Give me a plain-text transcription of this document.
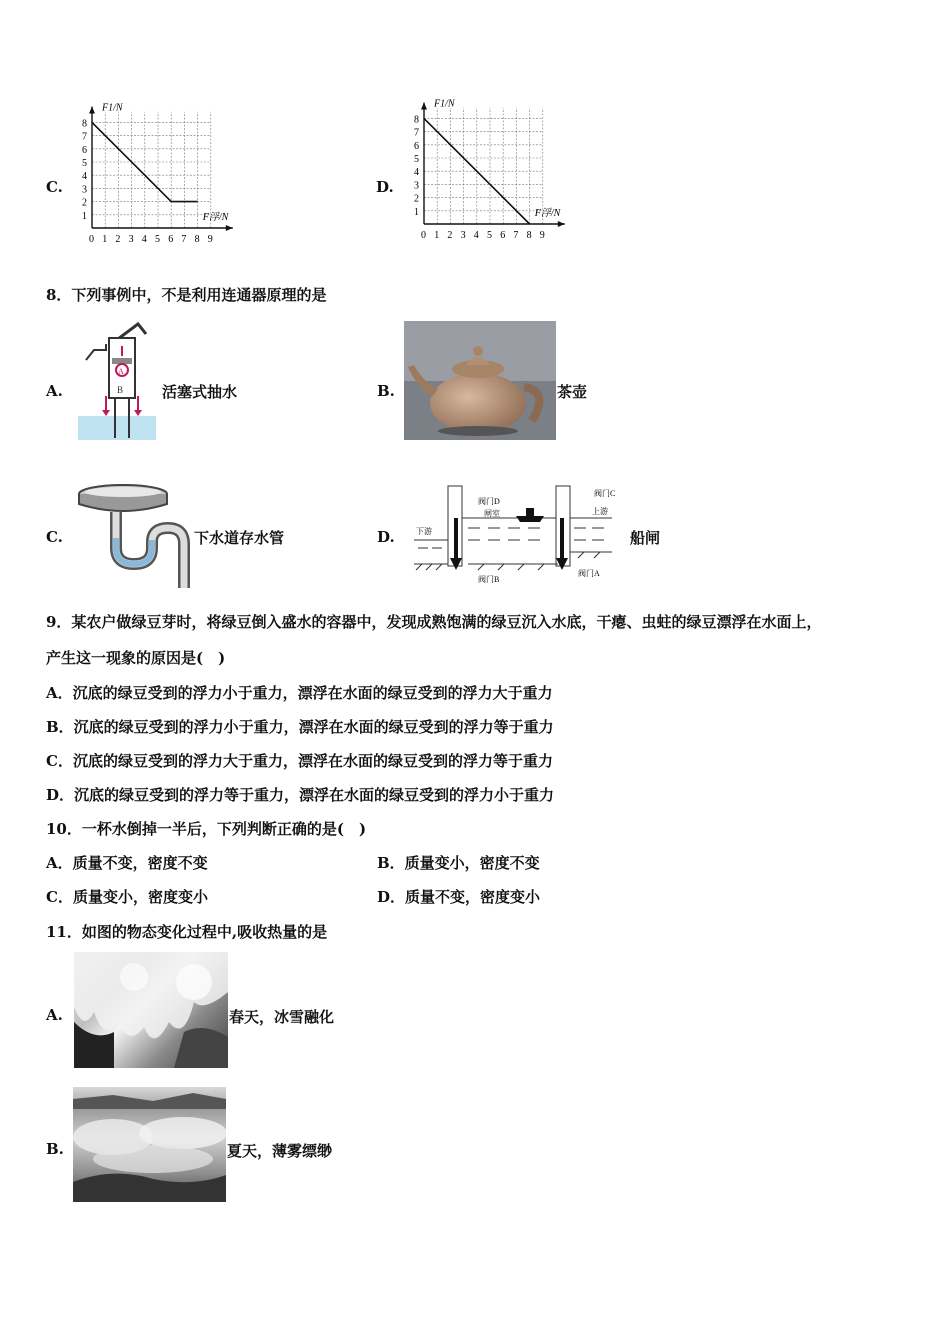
C.
0 1 2 3 4 5 6 7 8 9
1
2
3
4
5
6
7
8
F1/N
F浮/N
D.
0 1 2 3 4 5 6 7 8 9
1
2
3
4
5
6
7
8
F1/N
F浮/N
8．下列事例中，不是利用连通器原理的是
A.
A
B	活塞式抽水	B.	茶壶
C.	下水道存水管	D.
阀门D
阀门C
闸室
下游
上游
阀门B
阀门A
船闸
9．某农户做绿豆芽时，将绿豆倒入盛水的容器中，发现成熟饱满的绿豆沉入水底，干瘪、虫蛀的绿豆漂浮在水面上，
产生这一现象的原因是(　)
A．沉底的绿豆受到的浮力小于重力，漂浮在水面的绿豆受到的浮力大于重力
B．沉底的绿豆受到的浮力小于重力，漂浮在水面的绿豆受到的浮力等于重力
C．沉底的绿豆受到的浮力大于重力，漂浮在水面的绿豆受到的浮力等于重力
D．沉底的绿豆受到的浮力等于重力，漂浮在水面的绿豆受到的浮力小于重力
10．一杯水倒掉一半后，下列判断正确的是(　)
A．质量不变，密度不变	B．质量变小，密度不变
C．质量变小，密度变小	D．质量不变，密度变小
11．如图的物态变化过程中,吸收热量的是
A.	春天，冰雪融化
B.	夏天，薄雾缥缈
